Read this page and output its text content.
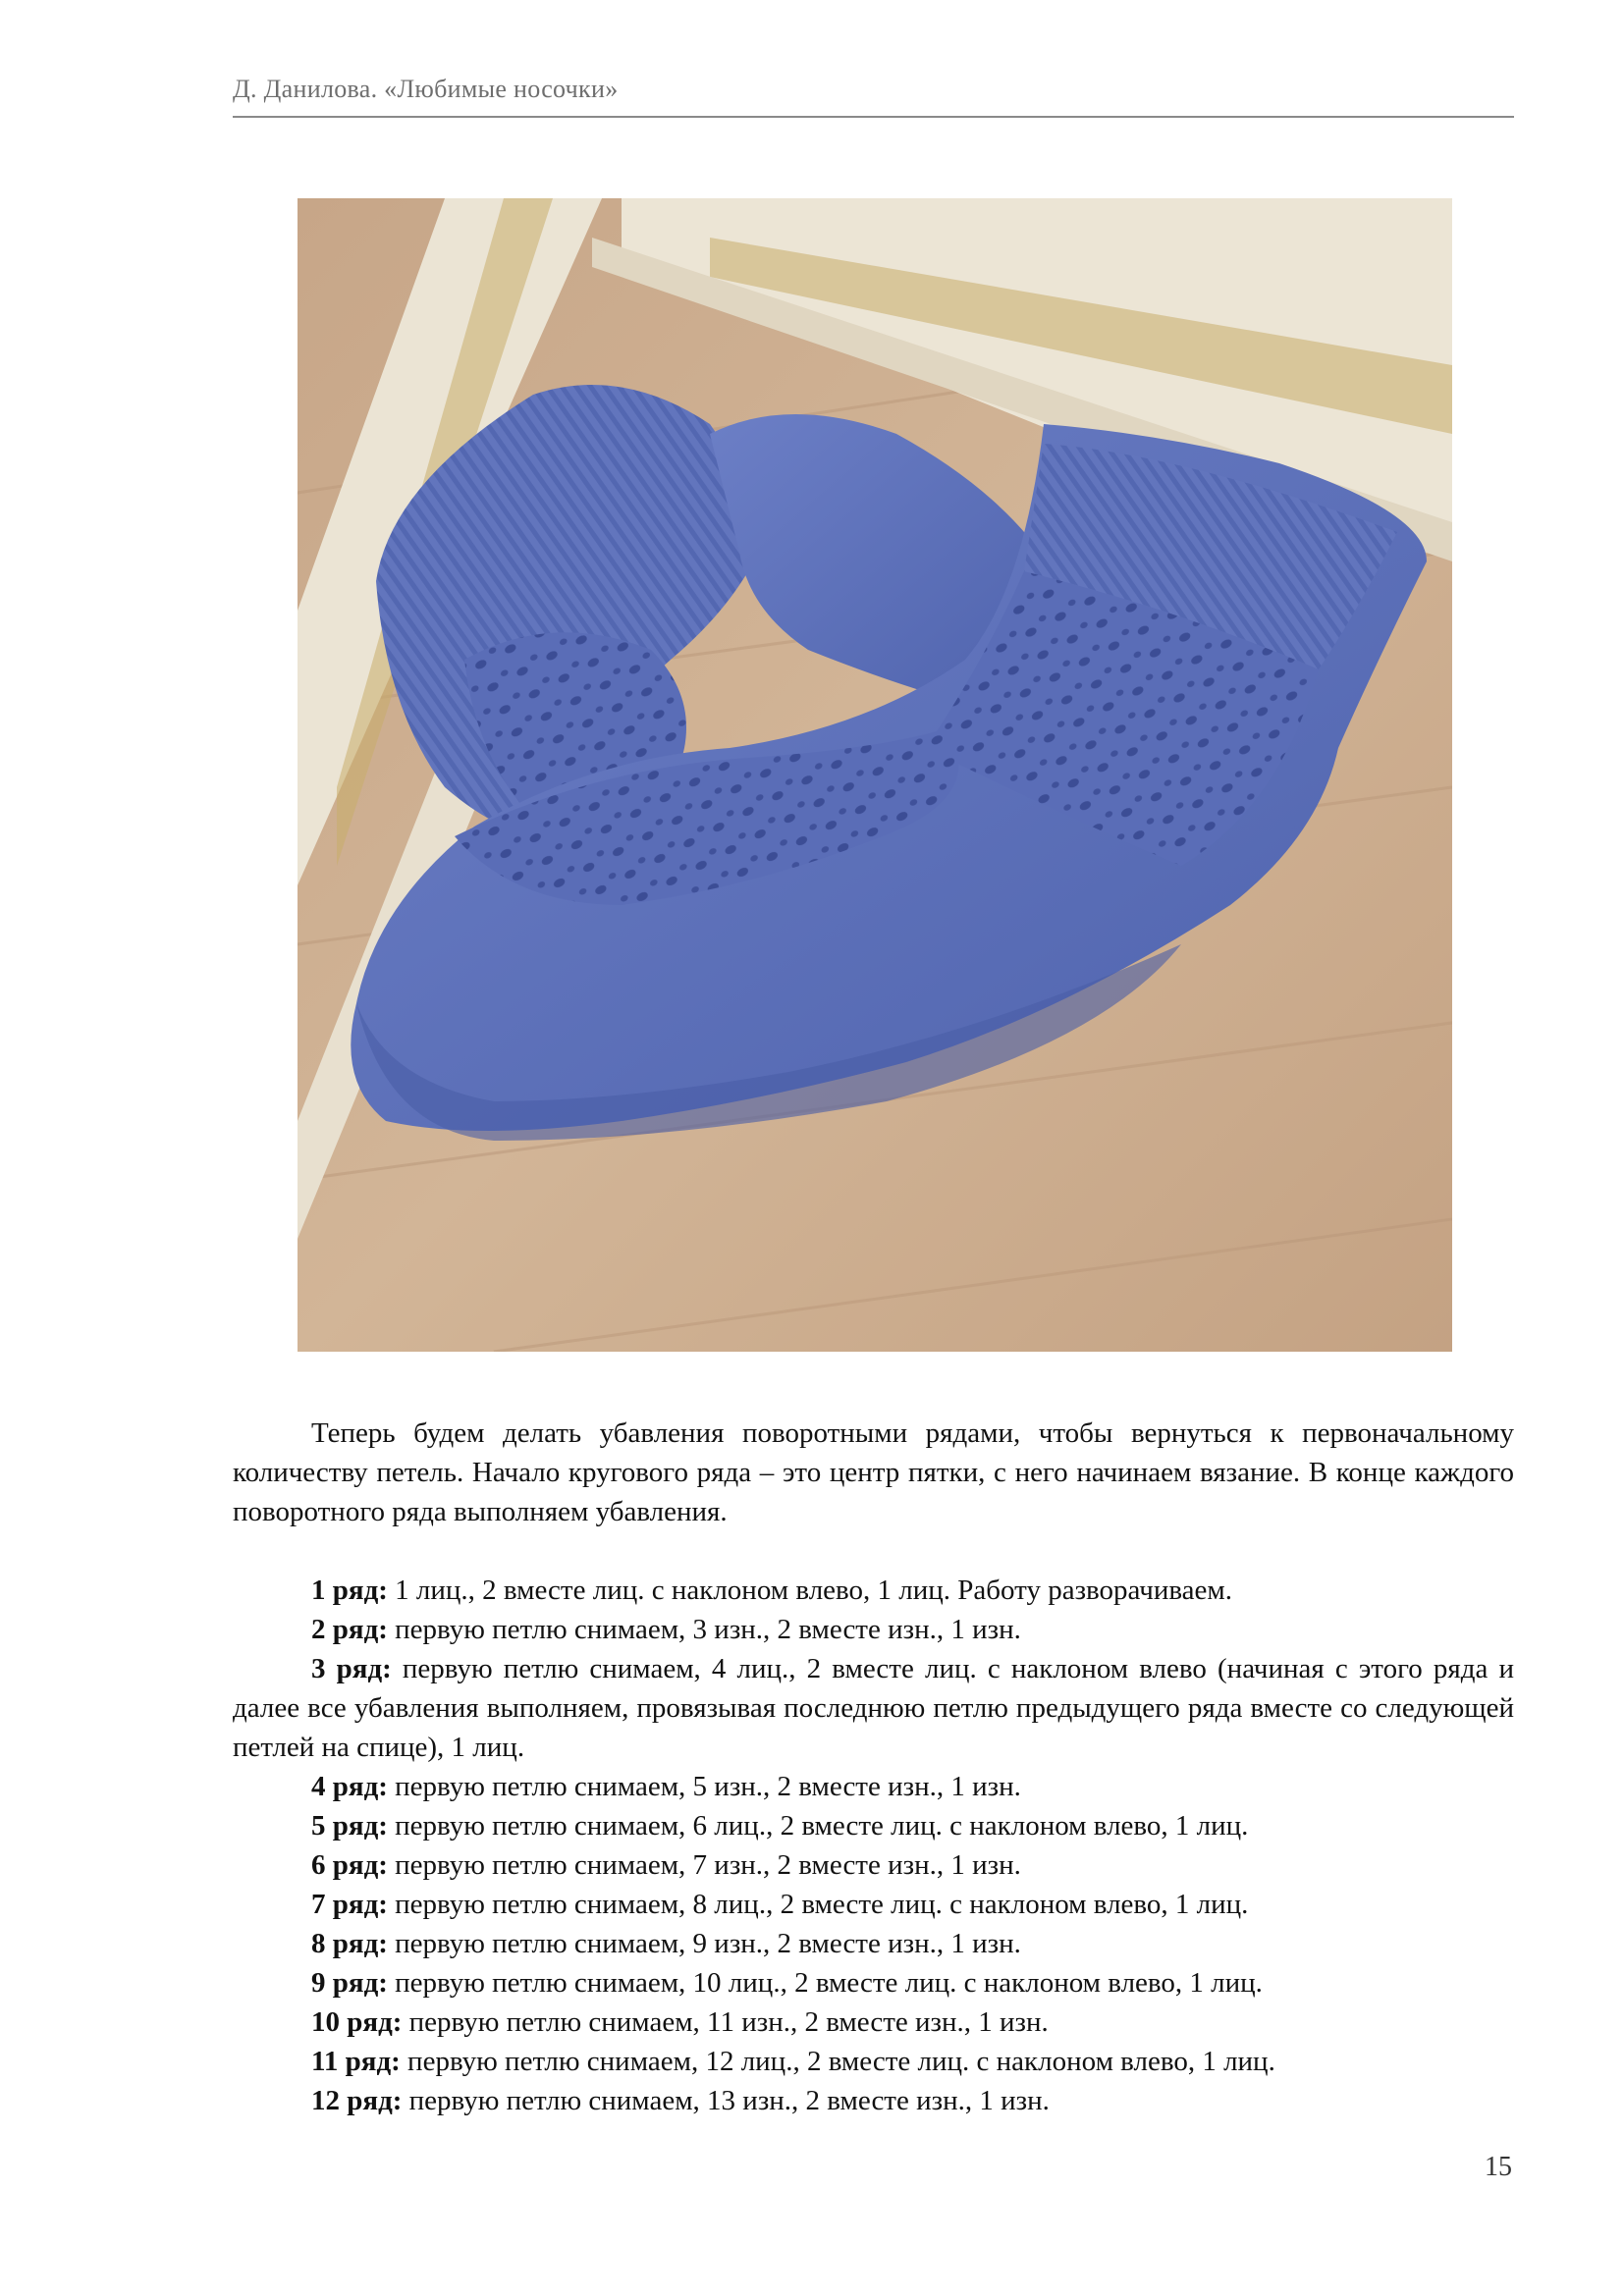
Д. Данилова. «Любимые носочки»

Теперь будем делать убавления поворотными рядами, чтобы вернуться к первоначальному количеству петель. Начало кругового ряда – это центр пятки, с него начинаем вязание. В конце каждого поворотного ряда выполняем убавления.

1 ряд: 1 лиц., 2 вместе лиц. с наклоном влево, 1 лиц. Работу разворачиваем.

2 ряд: первую петлю снимаем, 3 изн., 2 вместе изн., 1 изн.

3 ряд: первую петлю снимаем, 4 лиц., 2 вместе лиц. с наклоном влево (начиная с этого ряда и далее все убавления выполняем, провязывая последнюю петлю предыдущего ряда вместе со следующей петлей на спице), 1 лиц.

4 ряд: первую петлю снимаем, 5 изн., 2 вместе изн., 1 изн.

5 ряд: первую петлю снимаем, 6 лиц., 2 вместе лиц. с наклоном влево, 1 лиц.

6 ряд: первую петлю снимаем, 7 изн., 2 вместе изн., 1 изн.

7 ряд: первую петлю снимаем, 8 лиц., 2 вместе лиц. с наклоном влево, 1 лиц.

8 ряд: первую петлю снимаем, 9 изн., 2 вместе изн., 1 изн.

9 ряд: первую петлю снимаем, 10 лиц., 2 вместе лиц. с наклоном влево, 1 лиц.

10 ряд: первую петлю снимаем, 11 изн., 2 вместе изн., 1 изн.

11 ряд: первую петлю снимаем, 12 лиц., 2 вместе лиц. с наклоном влево, 1 лиц.

12 ряд: первую петлю снимаем, 13 изн., 2 вместе изн., 1 изн.

15
